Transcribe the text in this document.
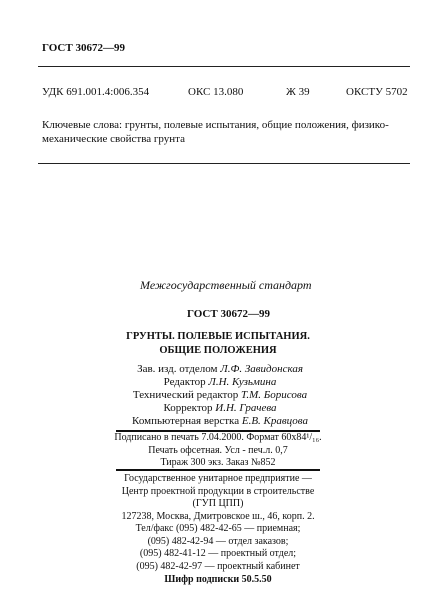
ГОСТ 30672—99
УДК 691.001.4:006.354	ОКС 13.080	Ж 39	ОКСТУ 5702
Ключевые слова: грунты, полевые испытания, общие положения, физико-механические свойства грунта
Межгосударственный стандарт
ГОСТ 30672—99
ГРУНТЫ. ПОЛЕВЫЕ ИСПЫТАНИЯ.
ОБЩИЕ ПОЛОЖЕНИЯ
Зав. изд. отделом Л.Ф. Завидонская
Редактор Л.Н. Кузьмина
Технический редактор Т.М. Борисова
Корректор И.Н. Грачева
Компьютерная верстка Е.В. Кравцова
Подписано в печать 7.04.2000. Формат 60х84¹/₁₆.
Печать офсетная. Усл - печ.л. 0,7
Тираж 300 экз. Заказ №852
Государственное унитарное предприятие —
Центр проектной продукции в строительстве
(ГУП ЦПП)
127238, Москва, Дмитровское ш., 46, корп. 2.
Тел/факс (095) 482-42-65 — приемная;
(095) 482-42-94 — отдел заказов;
(095) 482-41-12 — проектный отдел;
(095) 482-42-97 — проектный кабинет
Шифр подписки 50.5.50
